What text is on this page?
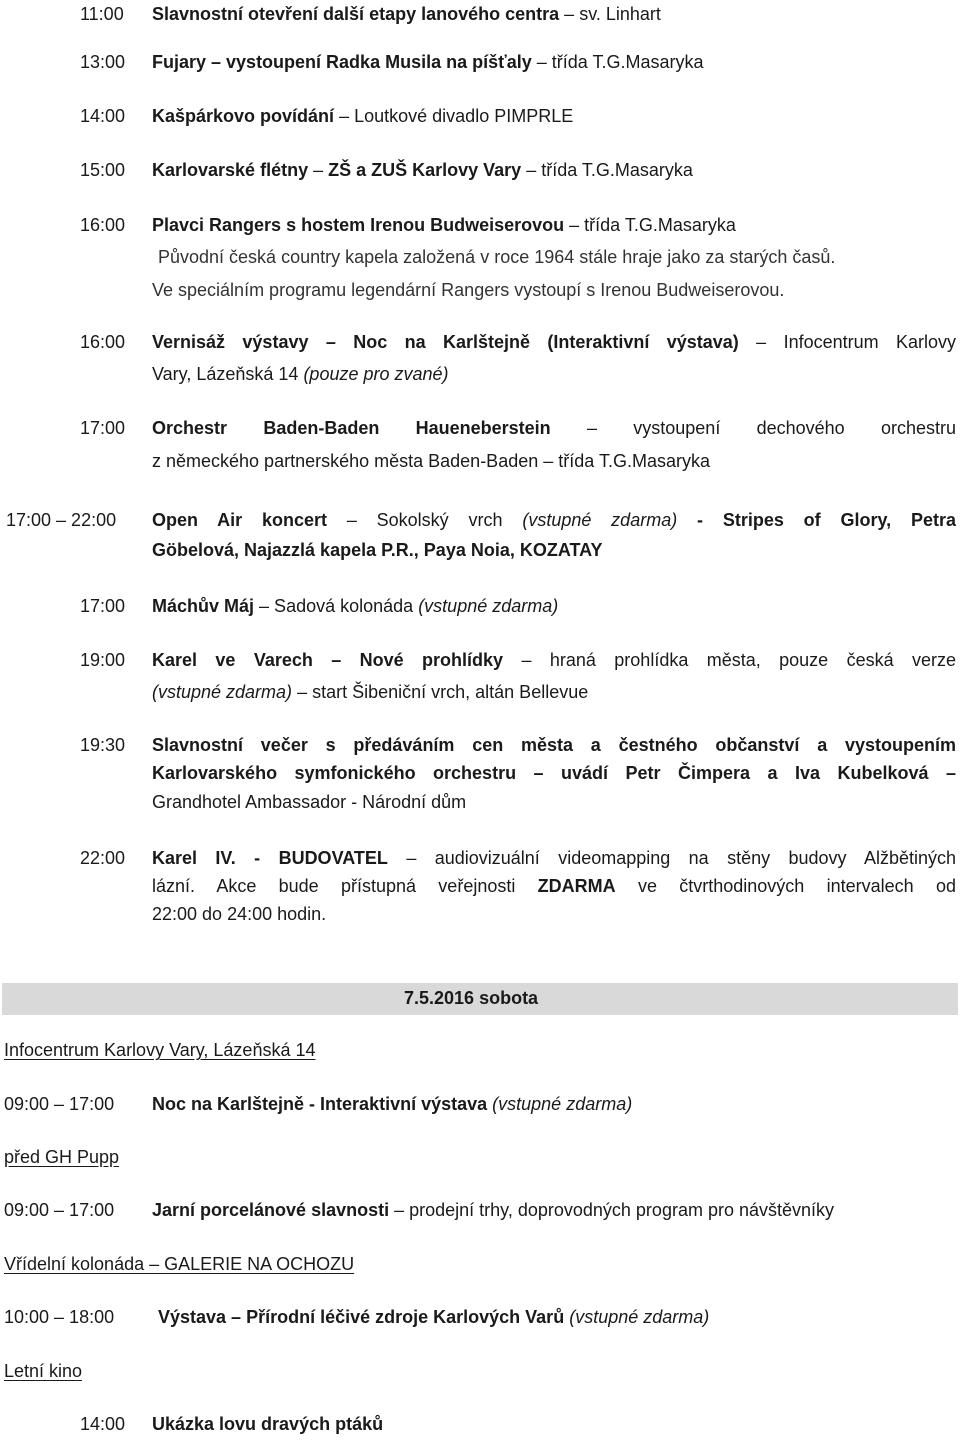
11:00 Slavnostní otevření další etapy lanového centra – sv. Linhart
13:00 Fujary – vystoupení Radka Musila na píšťaly – třída T.G.Masaryka
14:00 Kašpárkovo povídání – Loutkové divadlo PIMPRLE
15:00 Karlovarské flétny – ZŠ a ZUŠ Karlovy Vary – třída T.G.Masaryka
16:00 Plavci Rangers s hostem Irenou Budweiserovou – třída T.G.Masaryka
Původní česká country kapela založená v roce 1964 stále hraje jako za starých časů.
Ve speciálním programu legendární Rangers vystoupí s Irenou Budweiserovou.
16:00 Vernisáž výstavy – Noc na Karlštejně (Interaktivní výstava) – Infocentrum Karlovy
Vary, Lázeňská 14 (pouze pro zvané)
17:00 Orchestr Baden-Baden Haueneberstein – vystoupení dechového orchestru
z německého partnerského města Baden-Baden – třída T.G.Masaryka
17:00 – 22:00 Open Air koncert – Sokolský vrch (vstupné zdarma) - Stripes of Glory, Petra
Göbelová, Najazzlá kapela P.R., Paya Noia, KOZATAY
17:00 Máchův Máj – Sadová kolonáda (vstupné zdarma)
19:00 Karel ve Varech – Nové prohlídky – hraná prohlídka města, pouze česká verze
(vstupné zdarma) – start Šibeniční vrch, altán Bellevue
19:30 Slavnostní večer s předáváním cen města a čestného občanství a vystoupením
Karlovarského symfonického orchestru – uvádí Petr Čimpera a Iva Kubelková –
Grandhotel Ambassador - Národní dům
22:00 Karel IV. - BUDOVATEL – audiovizuální videomapping na stěny budovy Alžbětiných
lázní. Akce bude přístupná veřejnosti ZDARMA ve čtvrthodinových intervalech od
22:00 do 24:00 hodin.
7.5.2016 sobota
Infocentrum Karlovy Vary, Lázeňská 14
09:00 – 17:00 Noc na Karlštejně - Interaktivní výstava (vstupné zdarma)
před GH Pupp
09:00 – 17:00 Jarní porcelánové slavnosti – prodejní trhy, doprovodných program pro návštěvníky
Vřídelní kolonáda – GALERIE NA OCHOZU
10:00 – 18:00 Výstava – Přírodní léčivé zdroje Karlových Varů (vstupné zdarma)
Letní kino
14:00 Ukázka lovu dravých ptáků
